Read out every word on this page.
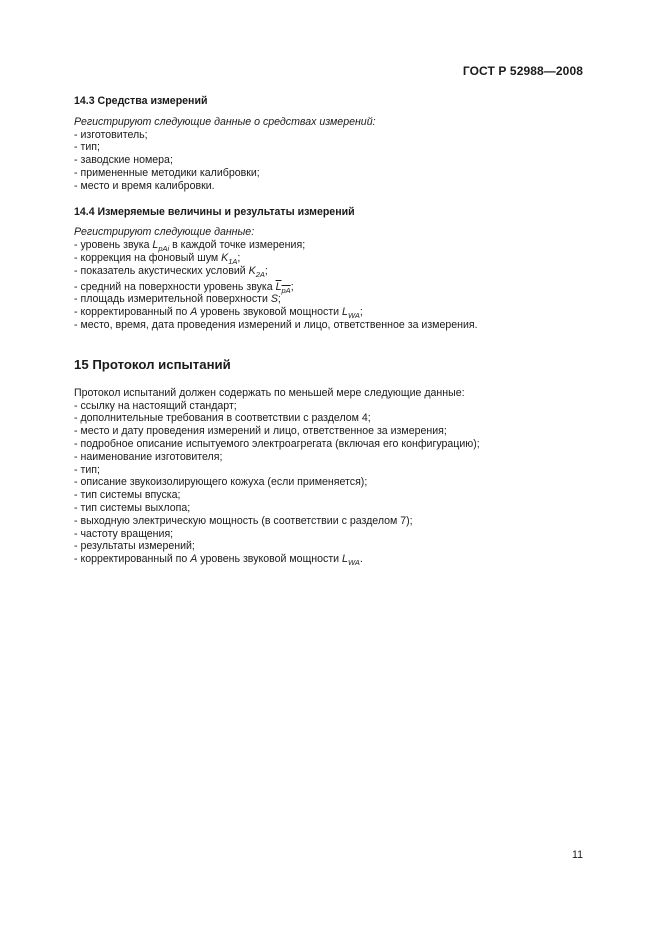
ГОСТ Р 52988—2008

14.3 Средства измерений

Регистрируют следующие данные о средствах измерений:

- изготовитель;

- тип;

- заводские номера;

- примененные методики калибровки;

- место и время калибровки.

14.4 Измеряемые величины и результаты измерений

Регистрируют следующие данные:

- уровень звука $L_{pAi}$ в каждой точке измерения;

- коррекция на фоновый шум $K_{1A}$;

- показатель акустических условий $K_{2A}$;

- средний на поверхности уровень звука $L_{pA}$;

- площадь измерительной поверхности S;

- корректированный по А уровень звуковой мощности $L_{WA}$;

- место, время, дата проведения измерений и лицо, ответственное за измерения.

15 Протокол испытаний

Протокол испытаний должен содержать по меньшей мере следующие данные:

- ссылку на настоящий стандарт;

- дополнительные требования в соответствии с разделом 4;

- место и дату проведения измерений и лицо, ответственное за измерения;

- подробное описание испытуемого электроагрегата (включая его конфигурацию);

- наименование изготовителя;

- тип;

- описание звукоизолирующего кожуха (если применяется);

- тип системы впуска;

- тип системы выхлопа;

- выходную электрическую мощность (в соответствии с разделом 7);

- частоту вращения;

- результаты измерений;

- корректированный по А уровень звуковой мощности $L_{WA}$.

11
